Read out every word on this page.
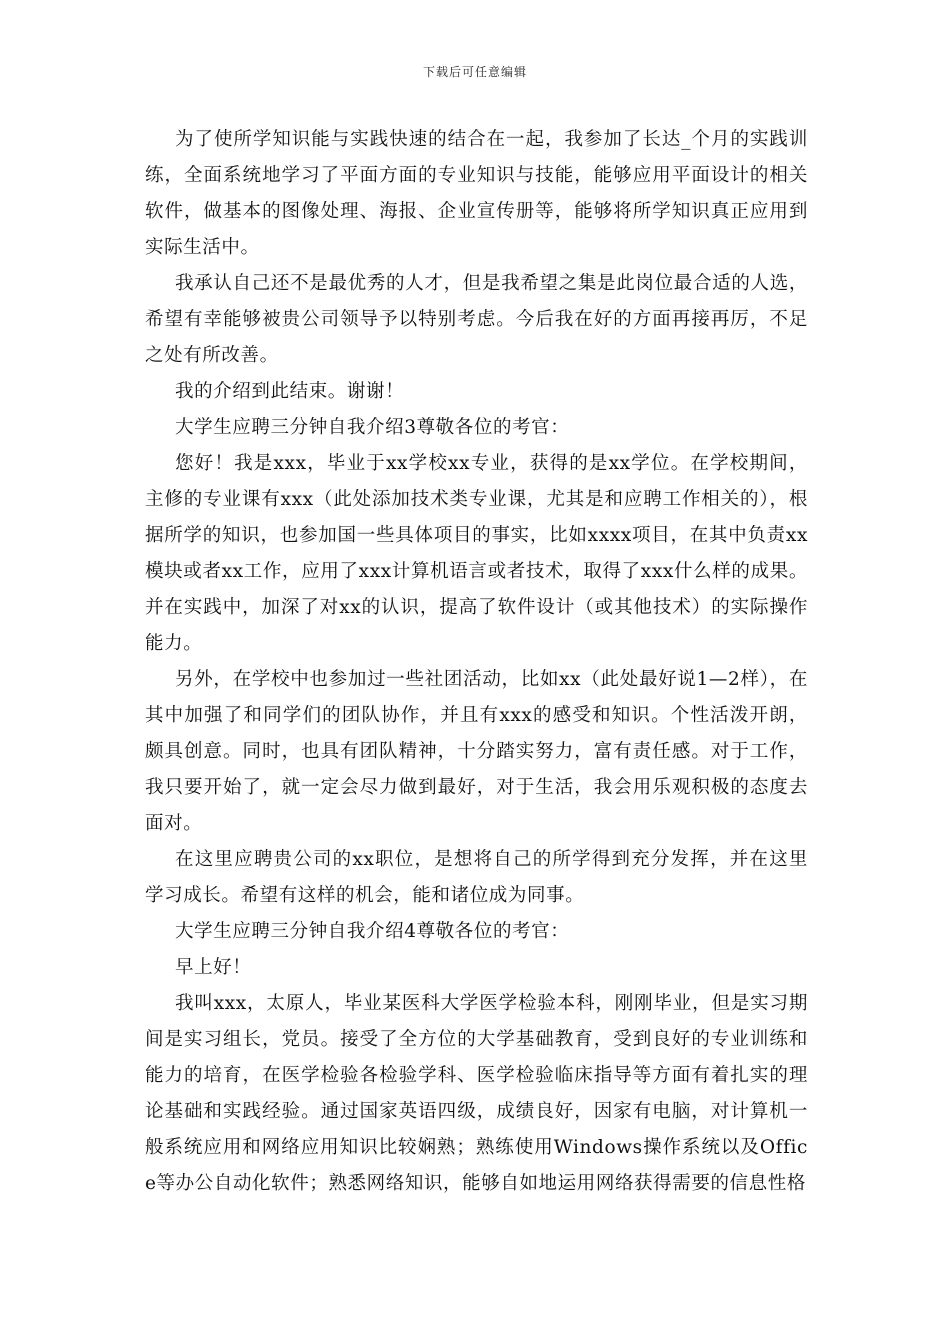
下载后可任意编辑

为了使所学知识能与实践快速的结合在一起，我参加了长达_个月的实践训练，全面系统地学习了平面方面的专业知识与技能，能够应用平面设计的相关软件，做基本的图像处理、海报、企业宣传册等，能够将所学知识真正应用到实际生活中。

我承认自己还不是最优秀的人才，但是我希望之集是此岗位最合适的人选，希望有幸能够被贵公司领导予以特别考虑。今后我在好的方面再接再厉，不足之处有所改善。

我的介绍到此结束。谢谢！

大学生应聘三分钟自我介绍3尊敬各位的考官：

您好！我是xxx，毕业于xx学校xx专业，获得的是xx学位。在学校期间，主修的专业课有xxx（此处添加技术类专业课，尤其是和应聘工作相关的），根据所学的知识，也参加国一些具体项目的事实，比如xxxx项目，在其中负责xx模块或者xx工作，应用了xxx计算机语言或者技术，取得了xxx什么样的成果。并在实践中，加深了对xx的认识，提高了软件设计（或其他技术）的实际操作能力。

另外，在学校中也参加过一些社团活动，比如xx（此处最好说1—2样），在其中加强了和同学们的团队协作，并且有xxx的感受和知识。个性活泼开朗，颇具创意。同时，也具有团队精神，十分踏实努力，富有责任感。对于工作，我只要开始了，就一定会尽力做到最好，对于生活，我会用乐观积极的态度去面对。

在这里应聘贵公司的xx职位，是想将自己的所学得到充分发挥，并在这里学习成长。希望有这样的机会，能和诸位成为同事。

大学生应聘三分钟自我介绍4尊敬各位的考官：

早上好！

我叫xxx，太原人，毕业某医科大学医学检验本科，刚刚毕业，但是实习期间是实习组长，党员。接受了全方位的大学基础教育，受到良好的专业训练和能力的培育，在医学检验各检验学科、医学检验临床指导等方面有着扎实的理论基础和实践经验。通过国家英语四级，成绩良好，因家有电脑，对计算机一般系统应用和网络应用知识比较娴熟；熟练使用Windows操作系统以及Office等办公自动化软件；熟悉网络知识，能够自如地运用网络获得需要的信息性格
